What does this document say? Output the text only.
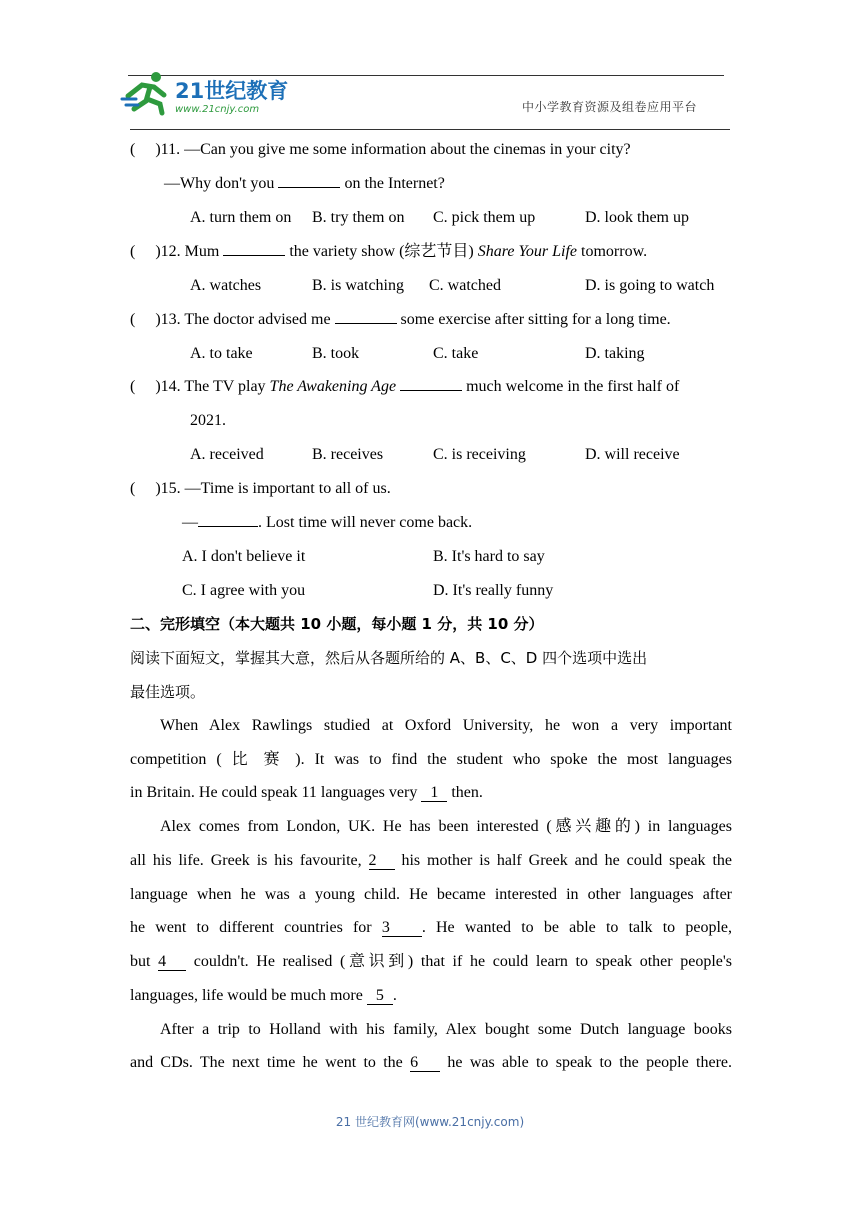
21世纪教育
www.21cnjy.com	中小学教育资源及组卷应用平台
(     )11. —Can you give me some information about the cinemas in your city?
—Why don't you	on the Internet?
A. turn them on B. try them on C. pick them up	D. look them up
(     )12. Mum	the variety show (综艺节目) Share Your Life tomorrow.
A. watches	B. is watching C. watched	D. is going to watch
(     )13. The doctor advised me	some exercise after sitting for a long time.
A. to take	B. took	C. take	D. taking
(     )14. The TV play The Awakening Age	much welcome in the first half of
2021.
A. received	B. receives	C. is receiving	D. will receive
(     )15. —Time is important to all of us.
—	. Lost time will never come back.
A. I don't believe it	B. It's hard to say
C. I agree with you	D. It's really funny
二、完形填空（本大题共 10 小题，每小题 1 分，共 10 分）
阅读下面短文，掌握其大意，然后从各题所给的 A、B、C、D 四个选项中选出
最佳选项。
When Alex Rawlings studied at Oxford University, he won a very important
competition ( 比 赛 ). It was to find the student who spoke the most languages
in Britain. He could speak 11 languages very 1 then.
Alex comes from London, UK. He has been interested (感兴趣的) in languages
all his life. Greek is his favourite, 2 his mother is half Greek and he could speak the
language when he was a young child. He became interested in other languages after
he went to different countries for 3 . He wanted to be able to talk to people,
but 4 couldn't. He realised (意识到) that if he could learn to speak other people's
languages, life would be much more 5 .
After a trip to Holland with his family, Alex bought some Dutch language books
and CDs. The next time he went to the 6 he was able to speak to the people there.
21 世纪教育网(www.21cnjy.com)
